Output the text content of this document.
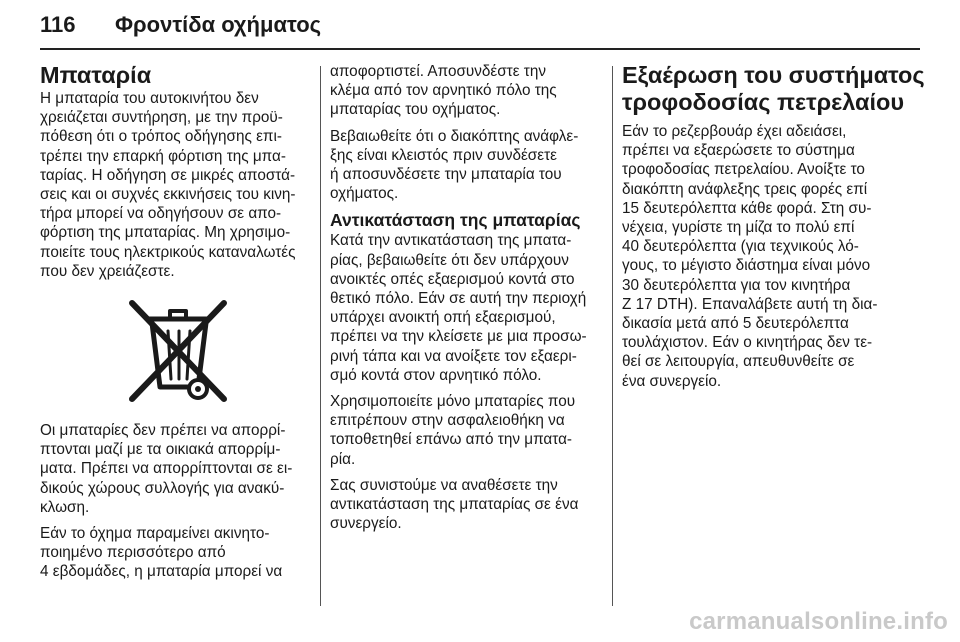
116 Φροντίδα οχήματος
Μπαταρία

Η μπαταρία του αυτοκινήτου δεν
χρειάζεται συντήρηση, με την προϋ-
πόθεση ότι ο τρόπος οδήγησης επι-
τρέπει την επαρκή φόρτιση της μπα-
ταρίας. Η οδήγηση σε μικρές αποστά-
σεις και οι συχνές εκκινήσεις του κινη-
τήρα μπορεί να οδηγήσουν σε απο-
φόρτιση της μπαταρίας. Μη χρησιμο-
ποιείτε τους ηλεκτρικούς καταναλωτές
που δεν χρειάζεστε.

Οι μπαταρίες δεν πρέπει να απορρί-
πτονται μαζί με τα οικιακά απορρίμ-
ματα. Πρέπει να απορρίπτονται σε ει-
δικούς χώρους συλλογής για ανακύ-
κλωση.

Εάν το όχημα παραμείνει ακινητο-
ποιημένο περισσότερο από
4 εβδομάδες, η μπαταρία μπορεί να

αποφορτιστεί. Αποσυνδέστε την
κλέμα από τον αρνητικό πόλο της
μπαταρίας του οχήματος.

Βεβαιωθείτε ότι ο διακόπτης ανάφλε-
ξης είναι κλειστός πριν συνδέσετε
ή αποσυνδέσετε την μπαταρία του
οχήματος.

Αντικατάσταση της μπαταρίας

Κατά την αντικατάσταση της μπατα-
ρίας, βεβαιωθείτε ότι δεν υπάρχουν
ανοικτές οπές εξαερισμού κοντά στο
θετικό πόλο. Εάν σε αυτή την περιοχή
υπάρχει ανοικτή οπή εξαερισμού,
πρέπει να την κλείσετε με μια προσω-
ρινή τάπα και να ανοίξετε τον εξαερι-
σμό κοντά στον αρνητικό πόλο.

Χρησιμοποιείτε μόνο μπαταρίες που
επιτρέπουν στην ασφαλειοθήκη να
τοποθετηθεί επάνω από την μπατα-
ρία.

Σας συνιστούμε να αναθέσετε την
αντικατάσταση της μπαταρίας σε ένα
συνεργείο.

Εξαέρωση του συστήματος
τροφοδοσίας πετρελαίου

Εάν το ρεζερβουάρ έχει αδειάσει,
πρέπει να εξαερώσετε το σύστημα
τροφοδοσίας πετρελαίου. Ανοίξτε το
διακόπτη ανάφλεξης τρεις φορές επί
15 δευτερόλεπτα κάθε φορά. Στη συ-
νέχεια, γυρίστε τη μίζα το πολύ επί
40 δευτερόλεπτα (για τεχνικούς λό-
γους, το μέγιστο διάστημα είναι μόνο
30 δευτερόλεπτα για τον κινητήρα
Z 17 DTH). Επαναλάβετε αυτή τη δια-
δικασία μετά από 5 δευτερόλεπτα
τουλάχιστον. Εάν ο κινητήρας δεν τε-
θεί σε λειτουργία, απευθυνθείτε σε
ένα συνεργείο.

carmanualsonline.info
